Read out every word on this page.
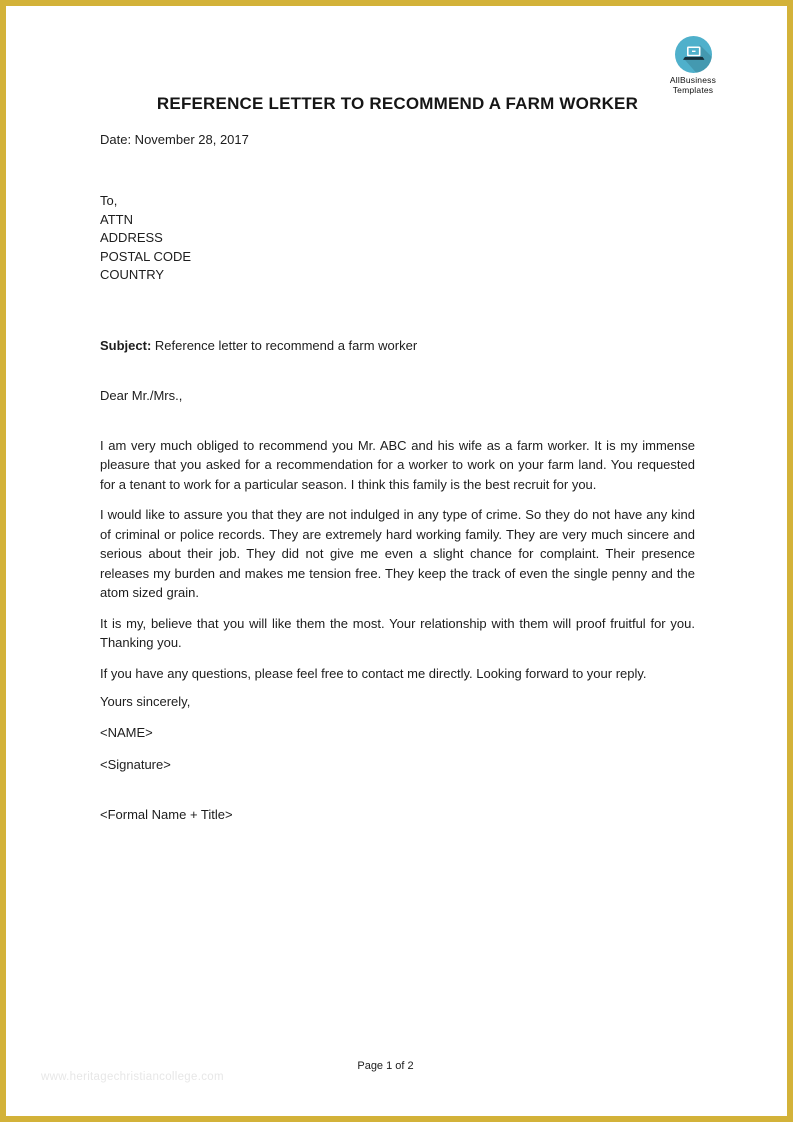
AllBusiness
Templates
REFERENCE LETTER TO RECOMMEND A FARM WORKER
Date: November 28, 2017
To,
ATTN
ADDRESS
POSTAL CODE
COUNTRY
Subject: Reference letter to recommend a farm worker
Dear Mr./Mrs.,

I am very much obliged to recommend you Mr. ABC and his wife as a farm worker. It is my immense pleasure that you asked for a recommendation for a worker to work on your farm land. You requested for a tenant to work for a particular season. I think this family is the best recruit for you.

I would like to assure you that they are not indulged in any type of crime. So they do not have any kind of criminal or police records. They are extremely hard working family. They are very much sincere and serious about their job. They did not give me even a slight chance for complaint. Their presence releases my burden and makes me tension free. They keep the track of even the single penny and the atom sized grain.

It is my, believe that you will like them the most. Your relationship with them will proof fruitful for you. Thanking you.

If you have any questions, please feel free to contact me directly. Looking forward to your reply.

Yours sincerely,
<NAME>
<Signature>
<Formal Name + Title>
Page 1 of 2
www.heritagechristiancollege.com
